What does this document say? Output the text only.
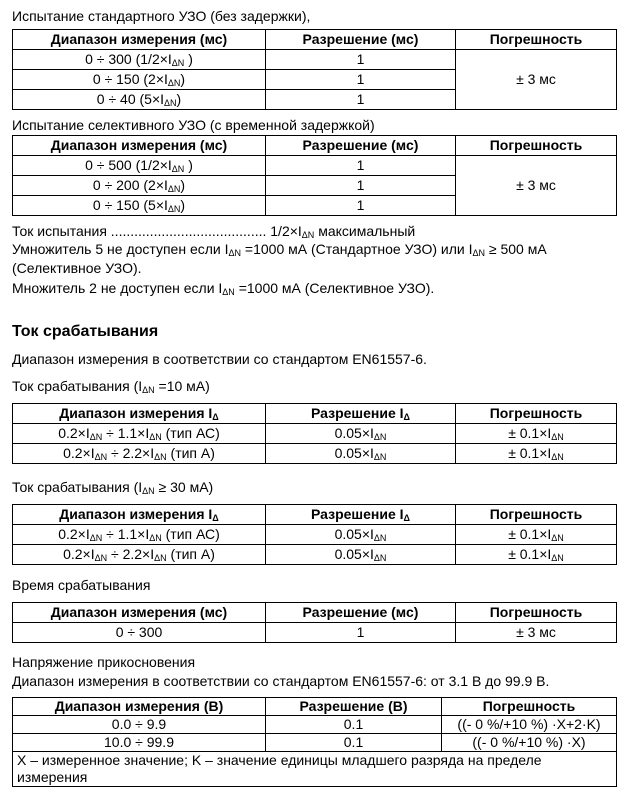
Испытание стандартного УЗО (без задержки),
Диапазон измерения (мс)	Разрешение (мс)	Погрешность
0 ÷ 300 ($1/2\times I_{\Delta N}$ )	1	± 3 мс
0 ÷ 150 $(2\times I_{\Delta N})$	1	
0 ÷ 40 $(5\times I_{\Delta N})$	1	
Испытание селективного УЗО (с временной задержкой)
Диапазон измерения (мс)	Разрешение (мс)	Погрешность
0 ÷ 500 ($1/2\times I_{\Delta N}$ )	1	± 3 мс
0 ÷ 200 $(2\times I_{\Delta N})$	1	
0 ÷ 150 $(5\times I_{\Delta N})$	1	
Ток испытания ........................................ $1/2\times I_{\Delta N}$ максимальный
Умножитель 5 не доступен если $I_{\Delta N} =1000$ мА (Стандартное УЗО) или $I_{\Delta N} \ge 500$ мА
(Селективное УЗО).
Множитель 2 не доступен если $I_{\Delta N} =1000$ мА (Селективное УЗО).
Ток срабатывания
Диапазон измерения в соответствии со стандартом EN61557-6.
Ток срабатывания ($I_{\Delta N} =10$ мА)
Диапазон измерения $I_\Delta$	Разрешение $I_\Delta$	Погрешность
$0.2\times I_{\Delta N} \div 1.1\times I_{\Delta N}$ (тип АС)	$0.05\times I_{\Delta N}$	± $0.1\times I_{\Delta N}$
$0.2\times I_{\Delta N} \div 2.2\times I_{\Delta N}$ (тип А)	$0.05\times I_{\Delta N}$	± $0.1\times I_{\Delta N}$
Ток срабатывания ($I_{\Delta N} \ge 30$ мА)
Диапазон измерения $I_\Delta$	Разрешение $I_\Delta$	Погрешность
$0.2\times I_{\Delta N} \div 1.1\times I_{\Delta N}$ (тип АС)	$0.05\times I_{\Delta N}$	± $0.1\times I_{\Delta N}$
$0.2\times I_{\Delta N} \div 2.2\times I_{\Delta N}$ (тип А)	$0.05\times I_{\Delta N}$	± $0.1\times I_{\Delta N}$
Время срабатывания
Диапазон измерения (мс)	Разрешение (мс)	Погрешность
0 ÷ 300	1	± 3 мс
Напряжение прикосновения
Диапазон измерения в соответствии со стандартом EN61557-6: от 3.1 В до 99.9 В.
Диапазон измерения (В)	Разрешение (В)	Погрешность
0.0 ÷ 9.9	0.1	((- 0 %/+10 %) ·X+2·K)
10.0 ÷ 99.9	0.1	((- 0 %/+10 %) ·X)
X – измеренное значение; K – значение единицы младшего разряда на пределе измерения		
